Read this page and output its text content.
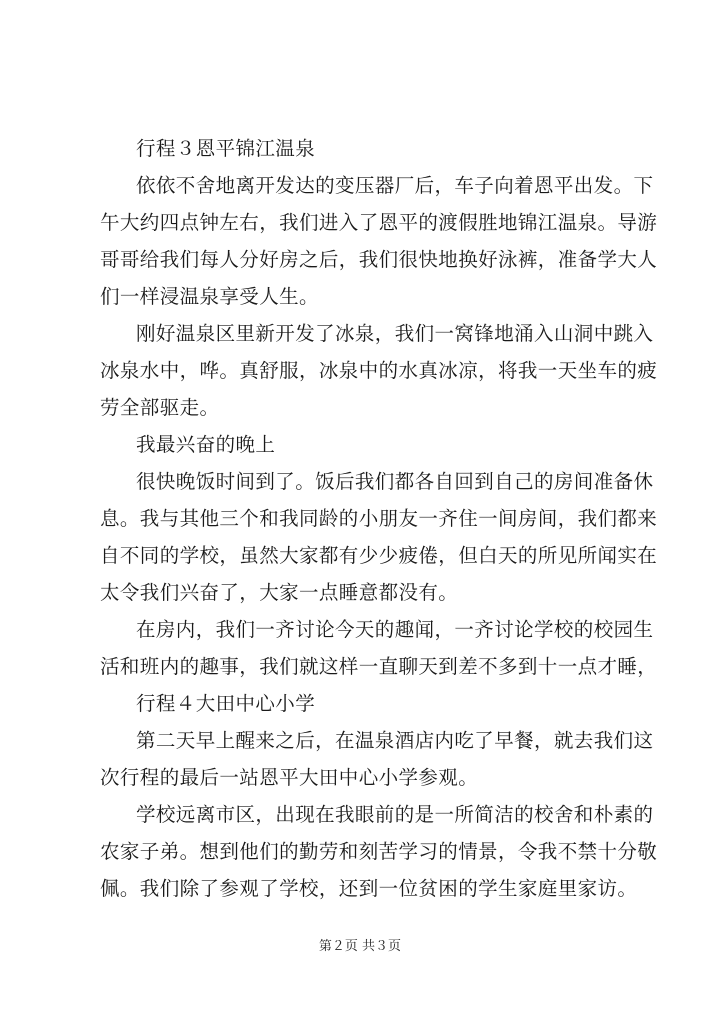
行程３恩平锦江温泉
依依不舍地离开发达的变压器厂后，车子向着恩平出发。下
午大约四点钟左右，我们进入了恩平的渡假胜地锦江温泉。导游
哥哥给我们每人分好房之后，我们很快地换好泳裤，准备学大人
们一样浸温泉享受人生。
刚好温泉区里新开发了冰泉，我们一窝锋地涌入山洞中跳入
冰泉水中，哗。真舒服，冰泉中的水真冰凉，将我一天坐车的疲
劳全部驱走。
我最兴奋的晚上
很快晚饭时间到了。饭后我们都各自回到自己的房间准备休
息。我与其他三个和我同龄的小朋友一齐住一间房间，我们都来
自不同的学校，虽然大家都有少少疲倦，但白天的所见所闻实在
太令我们兴奋了，大家一点睡意都没有。
在房内，我们一齐讨论今天的趣闻，一齐讨论学校的校园生
活和班内的趣事，我们就这样一直聊天到差不多到十一点才睡，
行程４大田中心小学
第二天早上醒来之后，在温泉酒店内吃了早餐，就去我们这
次行程的最后一站恩平大田中心小学参观。
学校远离市区，出现在我眼前的是一所简洁的校舍和朴素的
农家子弟。想到他们的勤劳和刻苦学习的情景，令我不禁十分敬
佩。我们除了参观了学校，还到一位贫困的学生家庭里家访。
第２页 共３页
